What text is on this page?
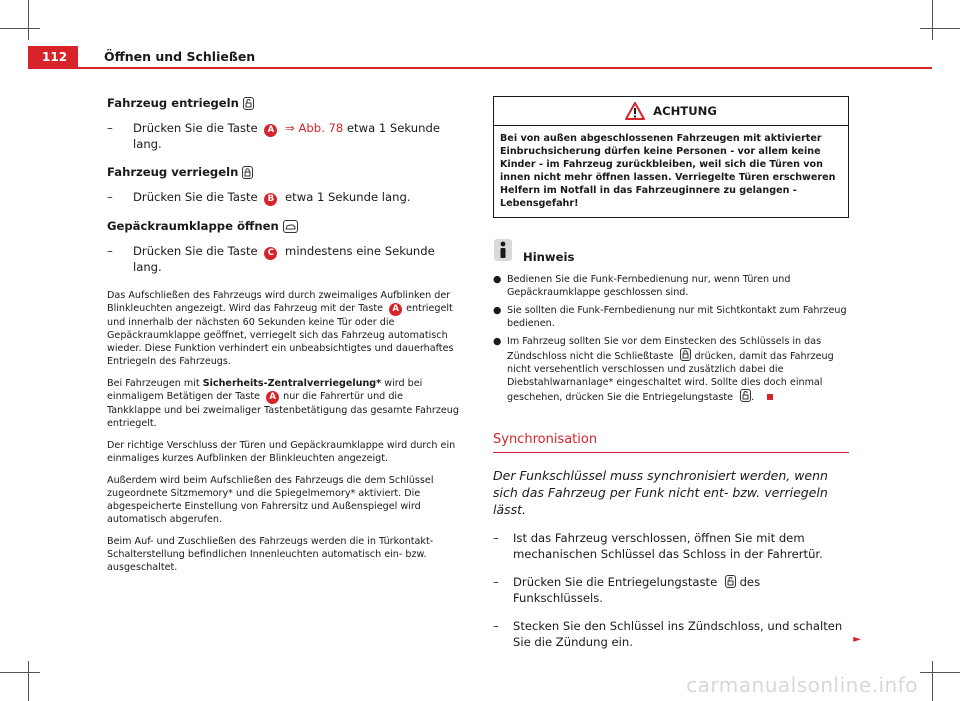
112	Öffnen und Schließen
Fahrzeug entriegeln
–	Drücken Sie die Taste A ⇒ Abb. 78 etwa 1 Sekunde lang.
Fahrzeug verriegeln
–	Drücken Sie die Taste B etwa 1 Sekunde lang.
Gepäckraumklappe öffnen
–	Drücken Sie die Taste C mindestens eine Sekunde lang.

Das Aufschließen des Fahrzeugs wird durch zweimaliges Aufblinken der Blinkleuchten angezeigt. Wird das Fahrzeug mit der Taste A entriegelt und innerhalb der nächsten 60 Sekunden keine Tür oder die Gepäckraumklappe geöffnet, verriegelt sich das Fahrzeug automatisch wieder. Diese Funktion verhindert ein unbeabsichtigtes und dauerhaftes Entriegeln des Fahrzeugs.

Bei Fahrzeugen mit Sicherheits-Zentralverriegelung* wird bei einmaligem Betätigen der Taste A nur die Fahrertür und die Tankklappe und bei zweimaliger Tastenbetätigung das gesamte Fahrzeug entriegelt.

Der richtige Verschluss der Türen und Gepäckraumklappe wird durch ein einmaliges kurzes Aufblinken der Blinkleuchten angezeigt.

Außerdem wird beim Aufschließen des Fahrzeugs die dem Schlüssel zugeordnete Sitzmemory* und die Spiegelmemory* aktiviert. Die abgespeicherte Einstellung von Fahrersitz und Außenspiegel wird automatisch abgerufen.

Beim Auf- und Zuschließen des Fahrzeugs werden die in Türkontakt-Schalterstellung befindlichen Innenleuchten automatisch ein- bzw. ausgeschaltet.

ACHTUNG
Bei von außen abgeschlossenen Fahrzeugen mit aktivierter Einbruchsicherung dürfen keine Personen - vor allem keine Kinder - im Fahrzeug zurückbleiben, weil sich die Türen von innen nicht mehr öffnen lassen. Verriegelte Türen erschweren Helfern im Notfall in das Fahrzeuginnere zu gelangen - Lebensgefahr!
Hinweis
● Bedienen Sie die Funk-Fernbedienung nur, wenn Türen und Gepäckraumklappe geschlossen sind.
● Sie sollten die Funk-Fernbedienung nur mit Sichtkontakt zum Fahrzeug bedienen.
● Im Fahrzeug sollten Sie vor dem Einstecken des Schlüssels in das Zündschloss nicht die Schließtaste drücken, damit das Fahrzeug nicht versehentlich verschlossen und zusätzlich dabei die Diebstahlwarnanlage* eingeschaltet wird. Sollte dies doch einmal geschehen, drücken Sie die Entriegelungstaste .
Synchronisation
Der Funkschlüssel muss synchronisiert werden, wenn sich das Fahrzeug per Funk nicht ent- bzw. verriegeln lässt.
–	Ist das Fahrzeug verschlossen, öffnen Sie mit dem mechanischen Schlüssel das Schloss in der Fahrertür.
–	Drücken Sie die Entriegelungstaste des Funkschlüssels.
–	Stecken Sie den Schlüssel ins Zündschloss, und schalten Sie die Zündung ein.	►
carmanualsonline.info
